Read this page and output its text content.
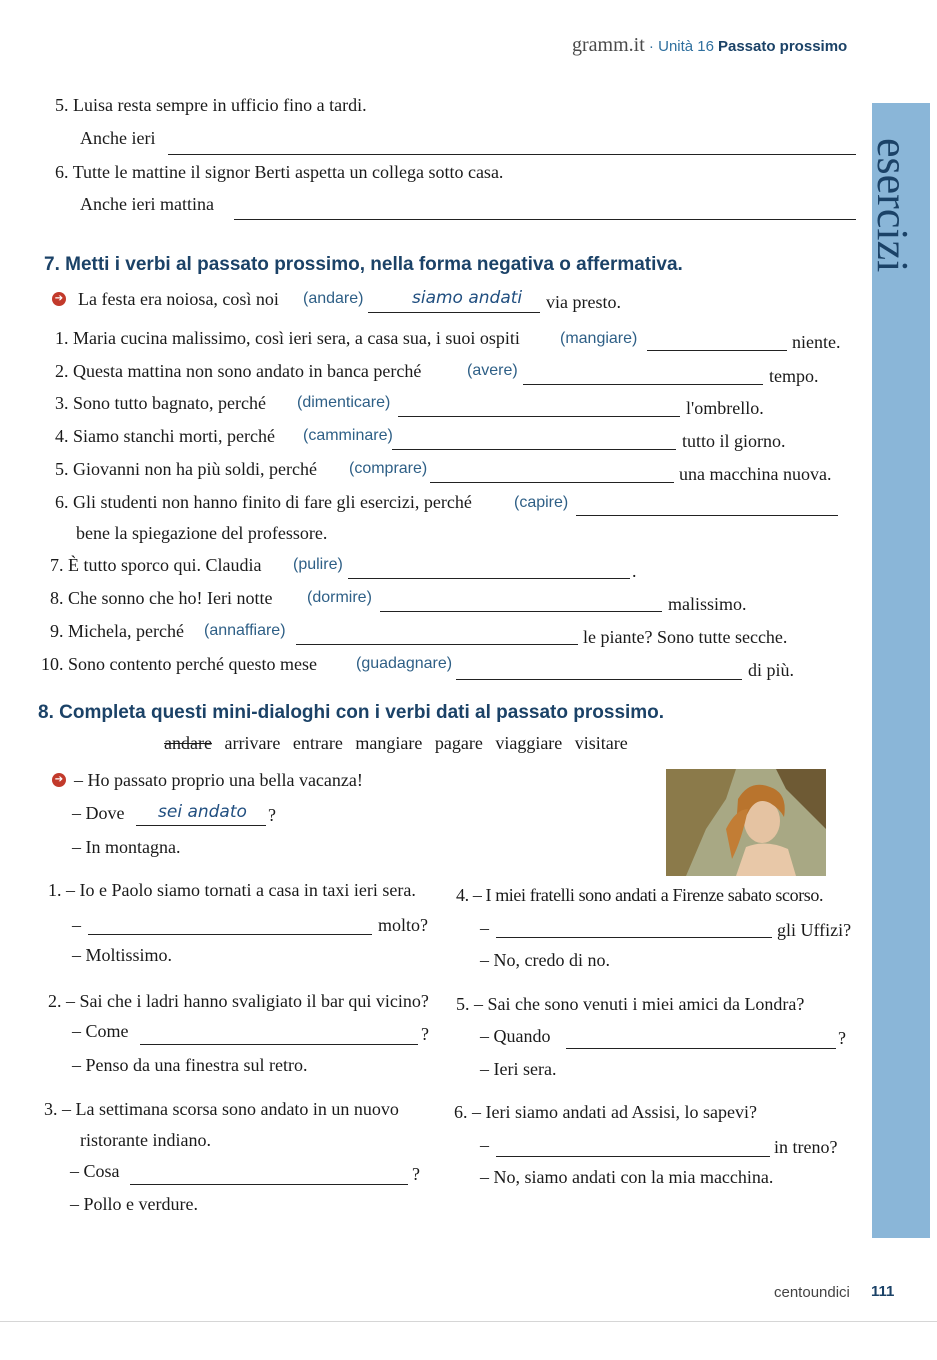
gramm.it · Unità 16 Passato prossimo
esercizi
5. Luisa resta sempre in ufficio fino a tardi.
Anche ieri
6. Tutte le mattine il signor Berti aspetta un collega sotto casa.
Anche ieri mattina
7. Metti i verbi al passato prossimo, nella forma negativa o affermativa.
➔ La festa era noiosa, così noi (andare)	siamo andati via presto.
1. Maria cucina malissimo, così ieri sera, a casa sua, i suoi ospiti	(mangiare)	niente.
2. Questa mattina non sono andato in banca perché	(avere)	tempo.
3. Sono tutto bagnato, perché (dimenticare)	l'ombrello.
4. Siamo stanchi morti, perché (camminare)	tutto il giorno.
5. Giovanni non ha più soldi, perché (comprare)	una macchina nuova.
6. Gli studenti non hanno finito di fare gli esercizi, perché	(capire)
bene la spiegazione del professore.
7. È tutto sporco qui. Claudia (pulire)	.
8. Che sonno che ho! Ieri notte (dormire)	malissimo.
9. Michela, perché (annaffiare)	le piante? Sono tutte secche.
10. Sono contento perché questo mese (guadagnare)	di più.
8. Completa questi mini-dialoghi con i verbi dati al passato prossimo.
andare arrivare entrare mangiare pagare viaggiare visitare
➔ – Ho passato proprio una bella vacanza!
– Dove sei andato ?
– In montagna.
1. – Io e Paolo siamo tornati a casa in taxi ieri sera.
–	molto?
– Moltissimo.
2. – Sai che i ladri hanno svaligiato il bar qui vicino?
– Come	?
– Penso da una finestra sul retro.
3. – La settimana scorsa sono andato in un nuovo
ristorante indiano.
– Cosa	?
– Pollo e verdure.
4. – I miei fratelli sono andati a Firenze sabato scorso.
–	gli Uffizi?
– No, credo di no.
5. – Sai che sono venuti i miei amici da Londra?
– Quando	?
– Ieri sera.
6. – Ieri siamo andati ad Assisi, lo sapevi?
–	in treno?
– No, siamo andati con la mia macchina.
centoundici 111
